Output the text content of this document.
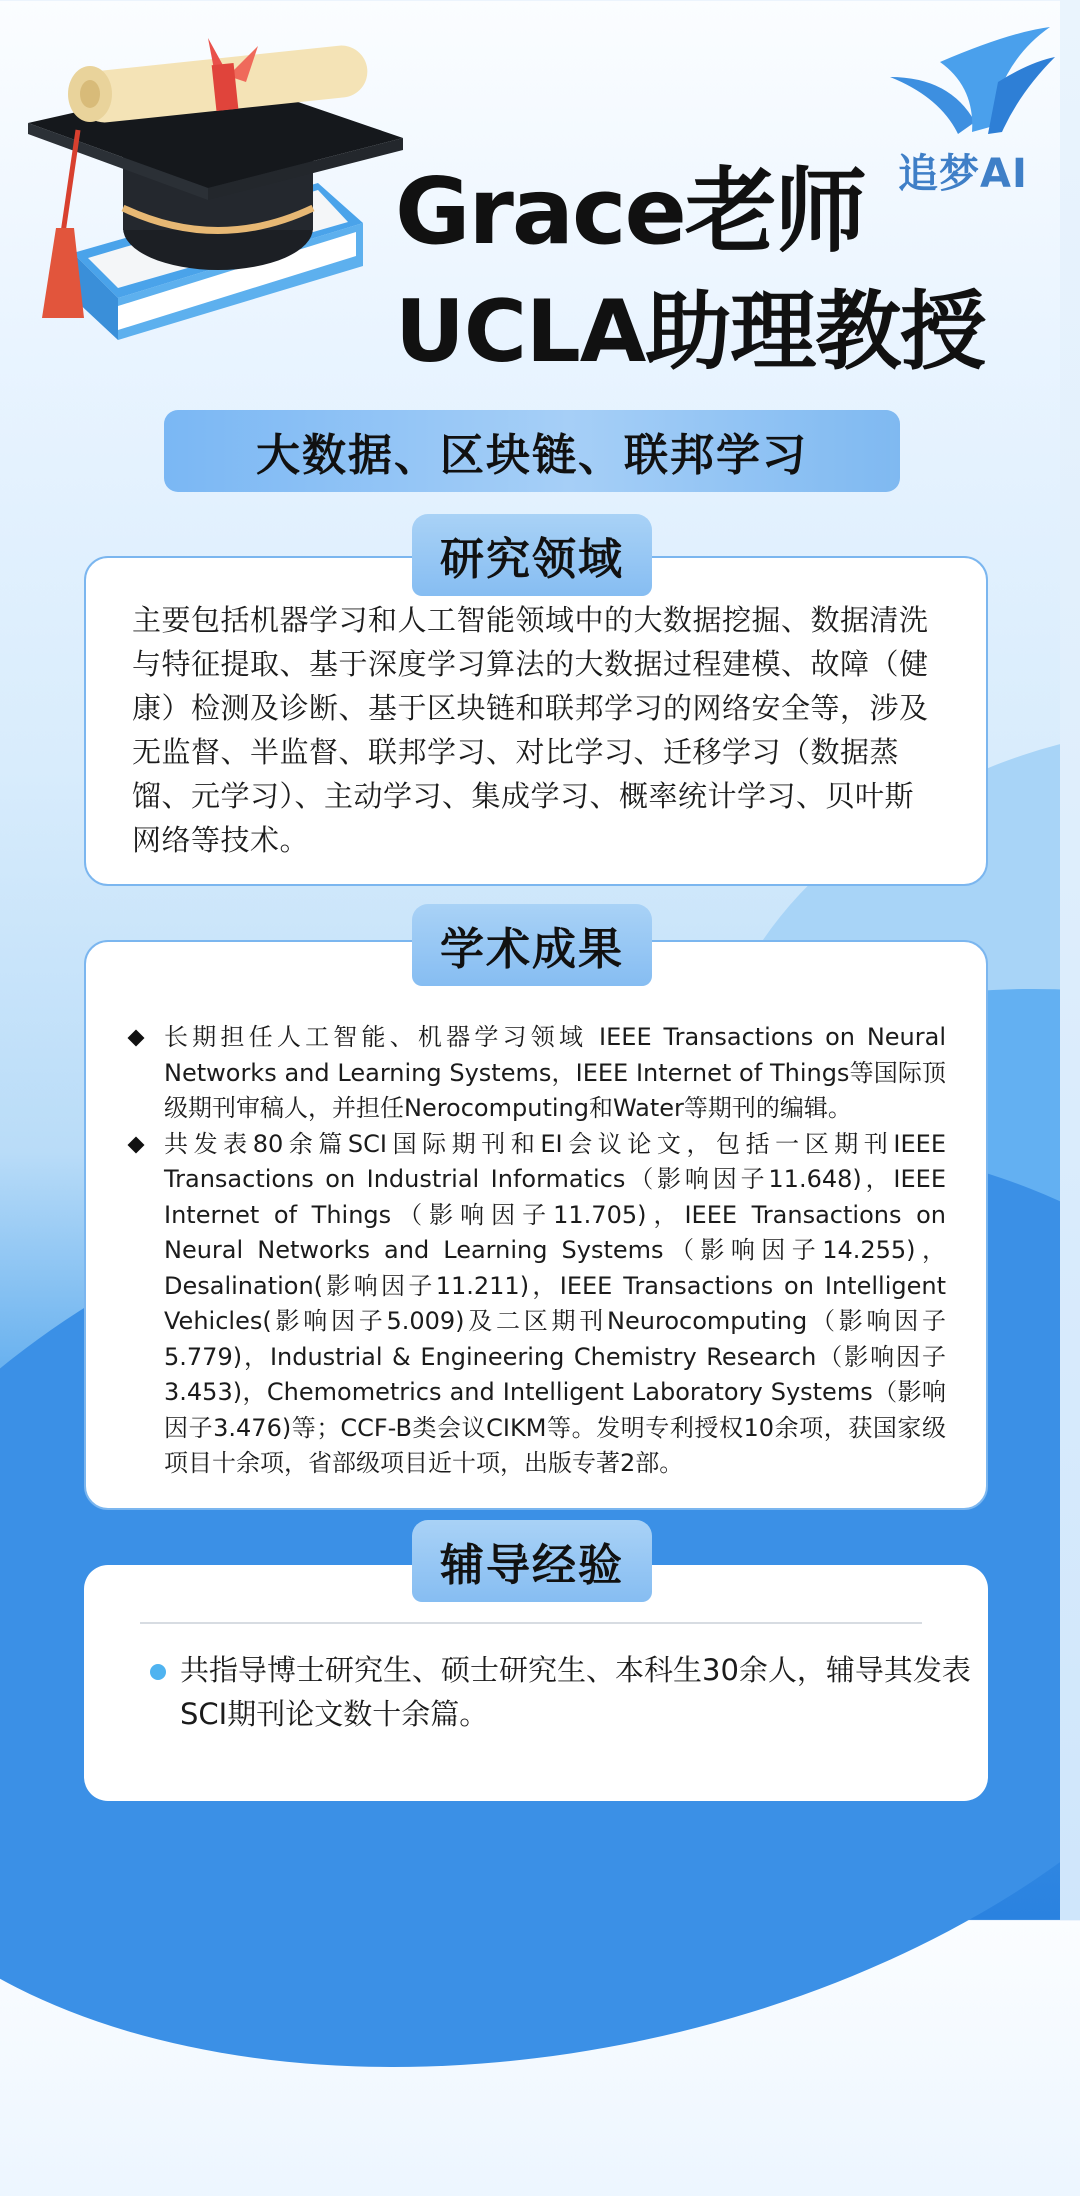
追梦AI
Grace老师
UCLA助理教授
大数据、区块链、联邦学习
研究领域
主要包括机器学习和人工智能领域中的大数据挖掘、数据清洗与特征提取、基于深度学习算法的大数据过程建模、故障（健康）检测及诊断、基于区块链和联邦学习的网络安全等，涉及无监督、半监督、联邦学习、对比学习、迁移学习（数据蒸馏、元学习）、主动学习、集成学习、概率统计学习、贝叶斯网络等技术。
学术成果
长期担任人工智能、机器学习领域 IEEE Transactions on Neural Networks and Learning Systems，IEEE Internet of Things等国际顶级期刊审稿人，并担任Nerocomputing和Water等期刊的编辑。
共发表80余篇SCI国际期刊和EI会议论文，包括一区期刊IEEE Transactions on Industrial Informatics（影响因子11.648)，IEEE Internet of Things（影响因子11.705)，IEEE Transactions on Neural Networks and Learning Systems（影响因子14.255)，Desalination(影响因子11.211)，IEEE Transactions on Intelligent Vehicles(影响因子5.009)及二区期刊Neurocomputing（影响因子5.779)，Industrial & Engineering Chemistry Research（影响因子3.453)，Chemometrics and Intelligent Laboratory Systems（影响因子3.476)等；CCF-B类会议CIKM等。发明专利授权10余项，获国家级项目十余项，省部级项目近十项，出版专著2部。
辅导经验
共指导博士研究生、硕士研究生、本科生30余人，辅导其发表SCI期刊论文数十余篇。
